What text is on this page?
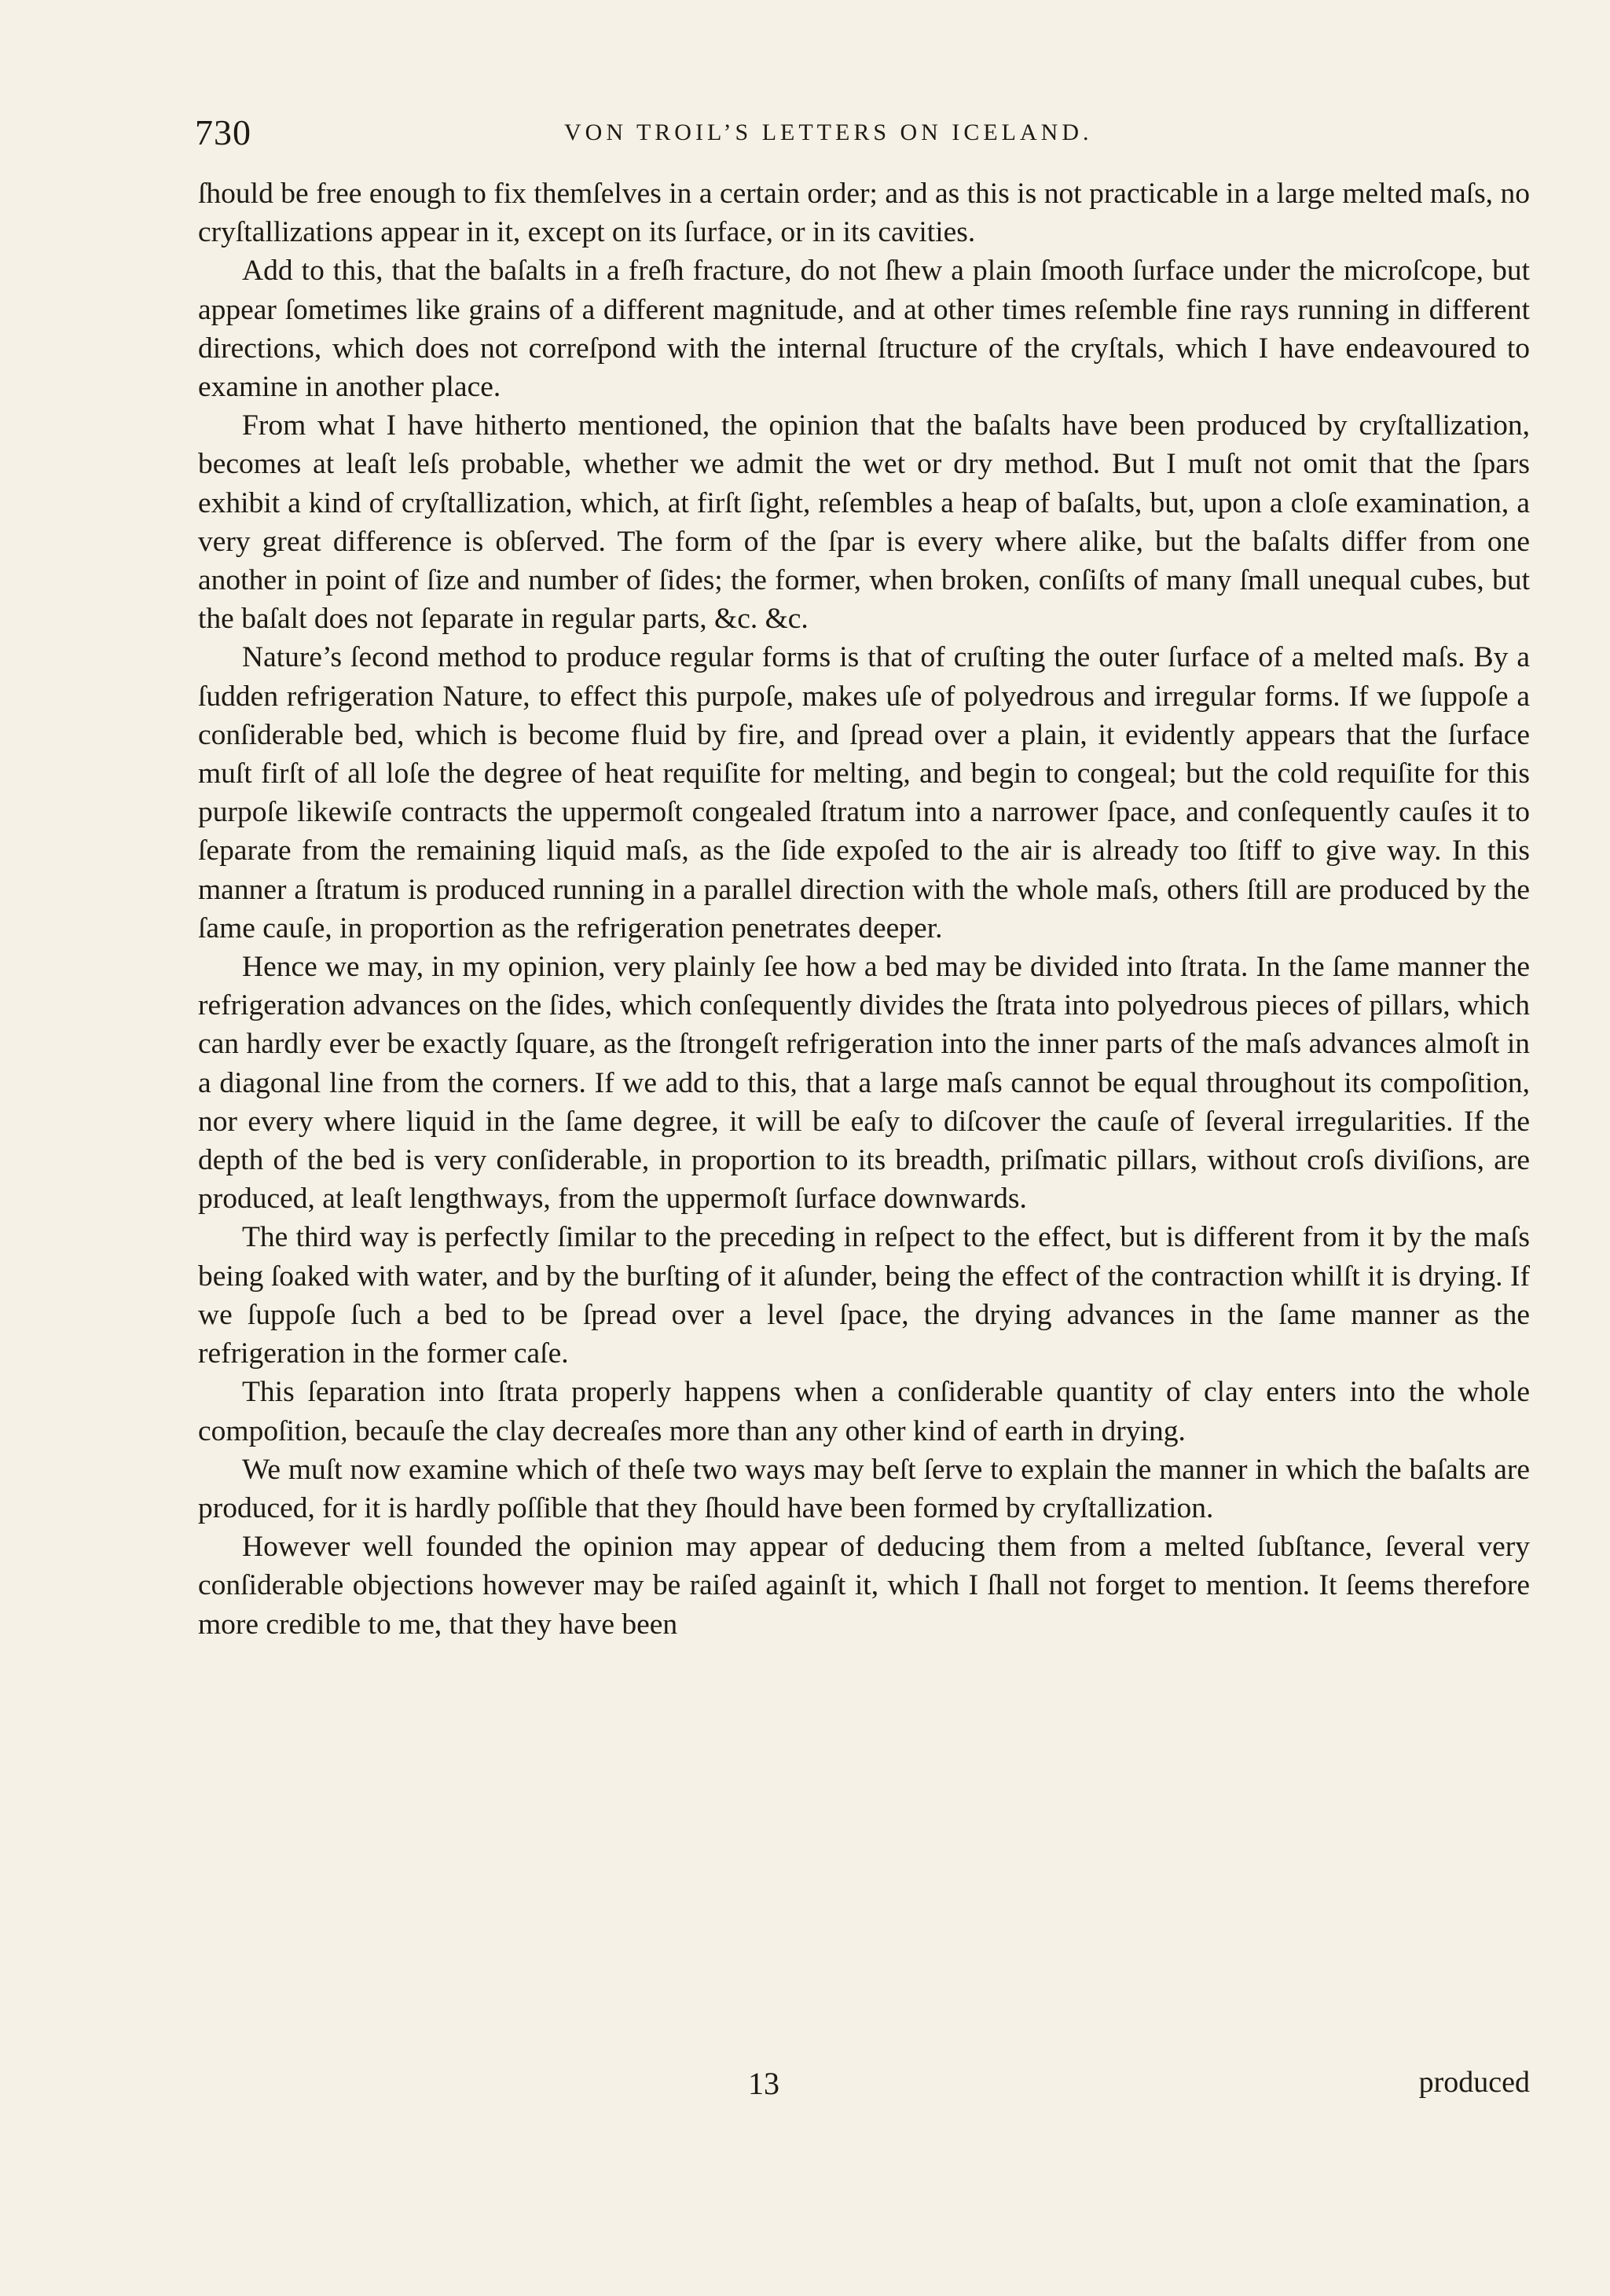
730	VON TROIL’S LETTERS ON ICELAND.

ſhould be free enough to fix themſelves in a certain order; and as this is not practicable in a large melted maſs, no cryſtallizations appear in it, except on its ſurface, or in its cavities.

Add to this, that the baſalts in a freſh fracture, do not ſhew a plain ſmooth ſurface under the microſcope, but appear ſometimes like grains of a different magnitude, and at other times reſemble fine rays running in different directions, which does not correſpond with the internal ſtructure of the cryſtals, which I have endeavoured to examine in another place.

From what I have hitherto mentioned, the opinion that the baſalts have been produced by cryſtallization, becomes at leaſt leſs probable, whether we admit the wet or dry method. But I muſt not omit that the ſpars exhibit a kind of cryſtallization, which, at firſt ſight, reſembles a heap of baſalts, but, upon a cloſe examination, a very great difference is obſerved. The form of the ſpar is every where alike, but the baſalts differ from one another in point of ſize and number of ſides; the former, when broken, conſiſts of many ſmall unequal cubes, but the baſalt does not ſeparate in regular parts, &c. &c.

Nature’s ſecond method to produce regular forms is that of cruſting the outer ſurface of a melted maſs. By a ſudden refrigeration Nature, to effect this purpoſe, makes uſe of polyedrous and irregular forms. If we ſuppoſe a conſiderable bed, which is become fluid by fire, and ſpread over a plain, it evidently appears that the ſurface muſt firſt of all loſe the degree of heat requiſite for melting, and begin to congeal; but the cold requiſite for this purpoſe likewiſe contracts the uppermoſt congealed ſtratum into a narrower ſpace, and conſequently cauſes it to ſeparate from the remaining liquid maſs, as the ſide expoſed to the air is already too ſtiff to give way. In this manner a ſtratum is produced running in a parallel direction with the whole maſs, others ſtill are produced by the ſame cauſe, in proportion as the refrigeration penetrates deeper.

Hence we may, in my opinion, very plainly ſee how a bed may be divided into ſtrata. In the ſame manner the refrigeration advances on the ſides, which conſequently divides the ſtrata into polyedrous pieces of pillars, which can hardly ever be exactly ſquare, as the ſtrongeſt refrigeration into the inner parts of the maſs advances almoſt in a diagonal line from the corners. If we add to this, that a large maſs cannot be equal throughout its compoſition, nor every where liquid in the ſame degree, it will be eaſy to diſcover the cauſe of ſeveral irregularities. If the depth of the bed is very conſiderable, in proportion to its breadth, priſmatic pillars, without croſs diviſions, are produced, at leaſt lengthways, from the uppermoſt ſurface downwards.

The third way is perfectly ſimilar to the preceding in reſpect to the effect, but is different from it by the maſs being ſoaked with water, and by the burſting of it aſunder, being the effect of the contraction whilſt it is drying. If we ſuppoſe ſuch a bed to be ſpread over a level ſpace, the drying advances in the ſame manner as the refrigeration in the former caſe.

This ſeparation into ſtrata properly happens when a conſiderable quantity of clay enters into the whole compoſition, becauſe the clay decreaſes more than any other kind of earth in drying.

We muſt now examine which of theſe two ways may beſt ſerve to explain the manner in which the baſalts are produced, for it is hardly poſſible that they ſhould have been formed by cryſtallization.

However well founded the opinion may appear of deducing them from a melted ſubſtance, ſeveral very conſiderable objections however may be raiſed againſt it, which I ſhall not forget to mention. It ſeems therefore more credible to me, that they have been

13	produced
